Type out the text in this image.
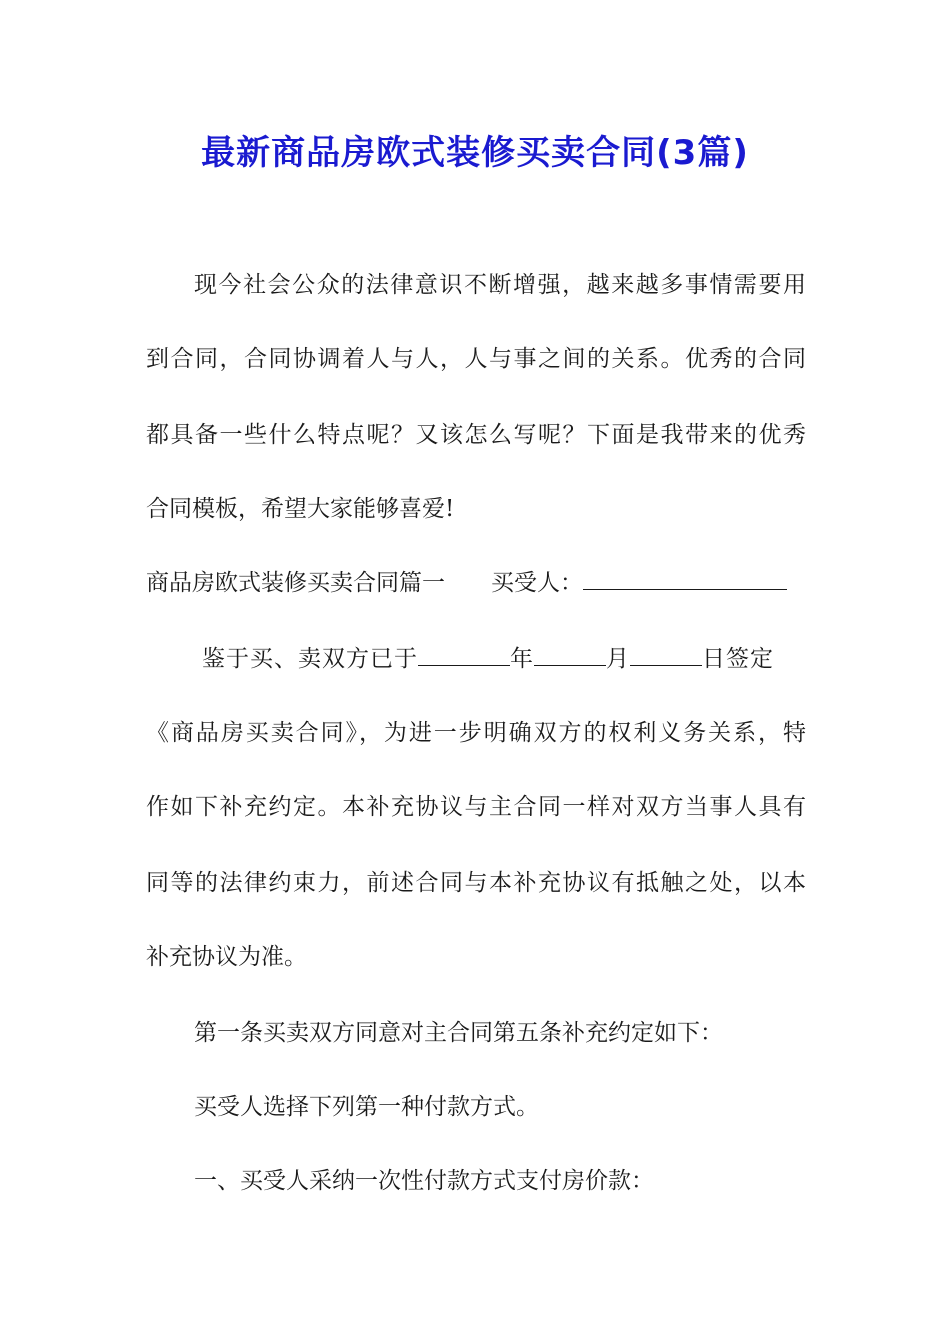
最新商品房欧式装修买卖合同(3篇)

现今社会公众的法律意识不断增强，越来越多事情需要用

到合同，合同协调着人与人，人与事之间的关系。优秀的合同

都具备一些什么特点呢？又该怎么写呢？下面是我带来的优秀

合同模板，希望大家能够喜爱!

商品房欧式装修买卖合同篇一 买受人：
鉴于买、卖双方已于	年	月	日签定

《商品房买卖合同》，为进一步明确双方的权利义务关系，特

作如下补充约定。本补充协议与主合同一样对双方当事人具有

同等的法律约束力，前述合同与本补充协议有抵触之处，以本

补充协议为准。

第一条买卖双方同意对主合同第五条补充约定如下：

买受人选择下列第一种付款方式。

一、买受人采纳一次性付款方式支付房价款：
